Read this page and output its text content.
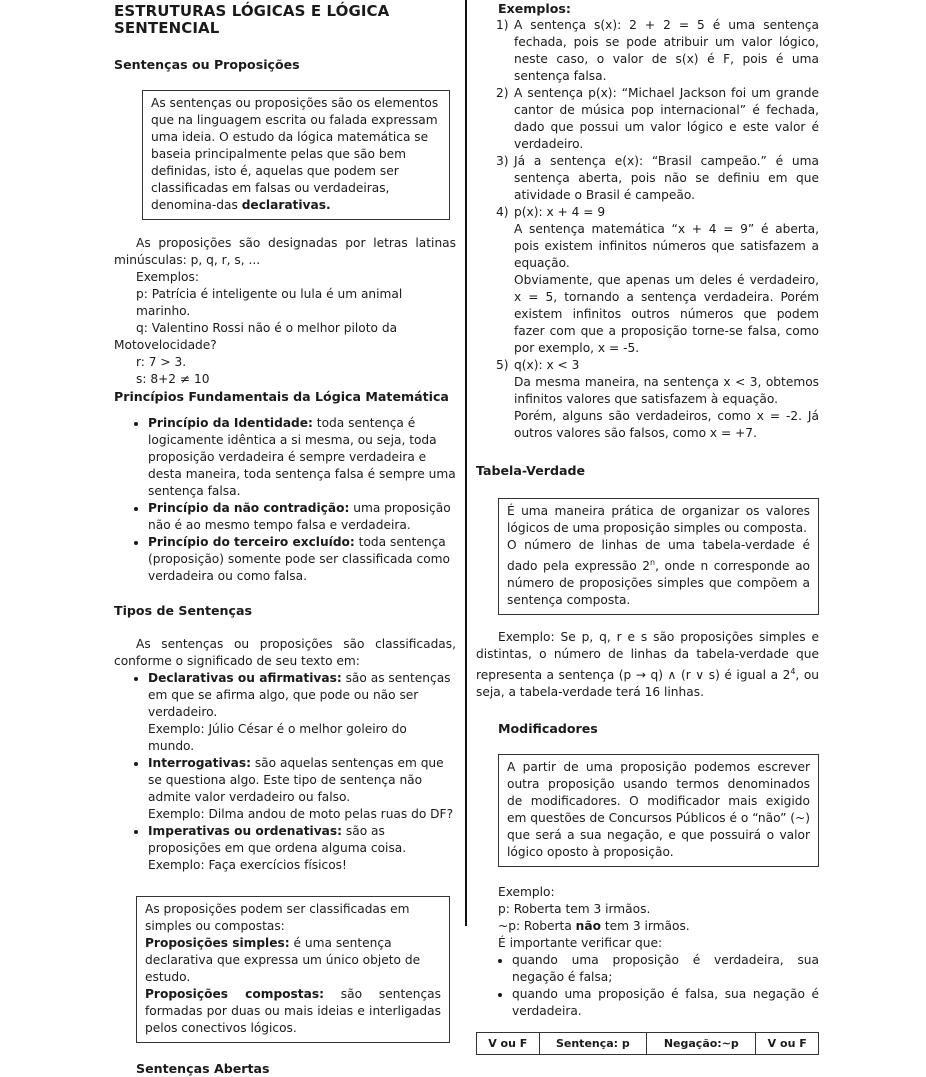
ESTRUTURAS LÓGICAS E LÓGICA SENTENCIAL
Sentenças ou Proposições
As sentenças ou proposições são os elementos que na linguagem escrita ou falada expressam uma ideia. O estudo da lógica matemática se baseia principalmente pelas que são bem definidas, isto é, aquelas que podem ser classificadas em falsas ou verdadeiras, denomina-das declarativas.

As proposições são designadas por letras latinas minúsculas: p, q, r, s, ...

Exemplos:

p: Patrícia é inteligente ou lula é um animal marinho.

q: Valentino Rossi não é o melhor piloto da Motovelocidade?

r: 7 > 3.

s: 8+2 ≠ 10

Princípios Fundamentais da Lógica Matemática
• Princípio da Identidade: toda sentença é logicamente idêntica a si mesma, ou seja, toda proposição verdadeira é sempre verdadeira e desta maneira, toda sentença falsa é sempre uma sentença falsa.
• Princípio da não contradição: uma proposição não é ao mesmo tempo falsa e verdadeira.
• Princípio do terceiro excluído: toda sentença (proposição) somente pode ser classificada como verdadeira ou como falsa.
Tipos de Sentenças

As sentenças ou proposições são classificadas, conforme o significado de seu texto em:

• Declarativas ou afirmativas: são as sentenças em que se afirma algo, que pode ou não ser verdadeiro.
Exemplo: Júlio César é o melhor goleiro do mundo.
• Interrogativas: são aquelas sentenças em que se questiona algo. Este tipo de sentença não admite valor verdadeiro ou falso.
Exemplo: Dilma andou de moto pelas ruas do DF?
• Imperativas ou ordenativas: são as proposições em que ordena alguma coisa.
Exemplo: Faça exercícios físicos!

As proposições podem ser classificadas em simples ou compostas:

Proposições simples: é uma sentença declarativa que expressa um único objeto de estudo.

Proposições compostas: são sentenças formadas por duas ou mais ideias e interligadas pelos conectivos lógicos.

Sentenças Abertas
Exemplos:
1) A sentença s(x): 2 + 2 = 5 é uma sentença fechada, pois se pode atribuir um valor lógico, neste caso, o valor de s(x) é F, pois é uma sentença falsa.
2) A sentença p(x): “Michael Jackson foi um grande cantor de música pop internacional” é fechada, dado que possui um valor lógico e este valor é verdadeiro.
3) Já a sentença e(x): “Brasil campeão.” é uma sentença aberta, pois não se definiu em que atividade o Brasil é campeão.
4) p(x): x + 4 = 9

A sentença matemática “x + 4 = 9” é aberta, pois existem infinitos números que satisfazem a equação.

Obviamente, que apenas um deles é verdadeiro, x = 5, tornando a sentença verdadeira. Porém existem infinitos outros números que podem fazer com que a proposição torne-se falsa, como por exemplo, x = -5.

5) q(x): x < 3

Da mesma maneira, na sentença x < 3, obtemos infinitos valores que satisfazem à equação.

Porém, alguns são verdadeiros, como x = -2. Já outros valores são falsos, como x = +7.

Tabela-Verdade

É uma maneira prática de organizar os valores lógicos de uma proposição simples ou composta.

O número de linhas de uma tabela-verdade é dado pela expressão 2$^n$, onde n corresponde ao número de proposições simples que compõem a sentença composta.

Exemplo: Se p, q, r e s são proposições simples e distintas, o número de linhas da tabela-verdade que representa a sentença (p → q) ∧ (r ∨ s) é igual a $2^4$, ou seja, a tabela-verdade terá 16 linhas.

Modificadores

A partir de uma proposição podemos escrever outra proposição usando termos denominados de modificadores. O modificador mais exigido em questões de Concursos Públicos é o “não” (~) que será a sua negação, e que possuirá o valor lógico oposto à proposição.

Exemplo:

p: Roberta tem 3 irmãos.

~p: Roberta não tem 3 irmãos.

É importante verificar que:

• quando uma proposição é verdadeira, sua negação é falsa;
• quando uma proposição é falsa, sua negação é verdadeira.
V ou F	Sentença: p	Negação:~p	V ou F
